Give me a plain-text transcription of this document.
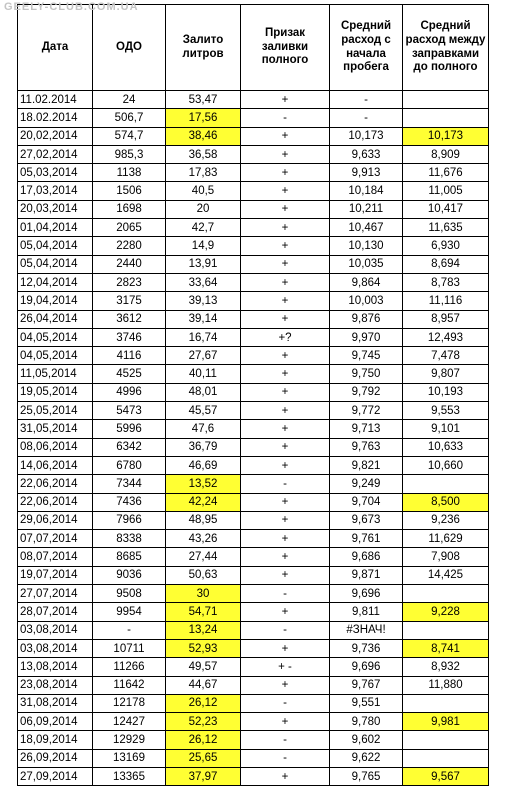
GEELY-CLUB.COM.UA
Дата	ОДО	Залито литров	Призак заливки полного	Средний расход с начала пробега	Средний расход между заправками до полного
11.02.2014	24	53,47	+	-	
18.02.2014	506,7	17,56	-	-	
20,02,2014	574,7	38,46	+	10,173	10,173
27,02,2014	985,3	36,58	+	9,633	8,909
05,03,2014	1138	17,83	+	9,913	11,676
17,03,2014	1506	40,5	+	10,184	11,005
20,03,2014	1698	20	+	10,211	10,417
01,04,2014	2065	42,7	+	10,467	11,635
05,04,2014	2280	14,9	+	10,130	6,930
05,04,2014	2440	13,91	+	10,035	8,694
12,04,2014	2823	33,64	+	9,864	8,783
19,04,2014	3175	39,13	+	10,003	11,116
26,04,2014	3612	39,14	+	9,876	8,957
04,05,2014	3746	16,74	+?	9,970	12,493
04,05,2014	4116	27,67	+	9,745	7,478
11,05,2014	4525	40,11	+	9,750	9,807
19,05,2014	4996	48,01	+	9,792	10,193
25,05,2014	5473	45,57	+	9,772	9,553
31,05,2014	5996	47,6	+	9,713	9,101
08,06,2014	6342	36,79	+	9,763	10,633
14,06,2014	6780	46,69	+	9,821	10,660
22,06,2014	7344	13,52	-	9,249	
22,06,2014	7436	42,24	+	9,704	8,500
29,06,2014	7966	48,95	+	9,673	9,236
07,07,2014	8338	43,26	+	9,761	11,629
08,07,2014	8685	27,44	+	9,686	7,908
19,07,2014	9036	50,63	+	9,871	14,425
27,07,2014	9508	30	-	9,696	
28,07,2014	9954	54,71	+	9,811	9,228
03,08,2014	-	13,24	-	#ЗНАЧ!	
03,08,2014	10711	52,93	+	9,736	8,741
13,08,2014	11266	49,57	+ -	9,696	8,932
23,08,2014	11642	44,67	+	9,767	11,880
31,08,2014	12178	26,12	-	9,551	
06,09,2014	12427	52,23	+	9,780	9,981
18,09,2014	12929	26,12	-	9,602	
26,09,2014	13169	25,65	-	9,622	
27,09,2014	13365	37,97	+	9,765	9,567
